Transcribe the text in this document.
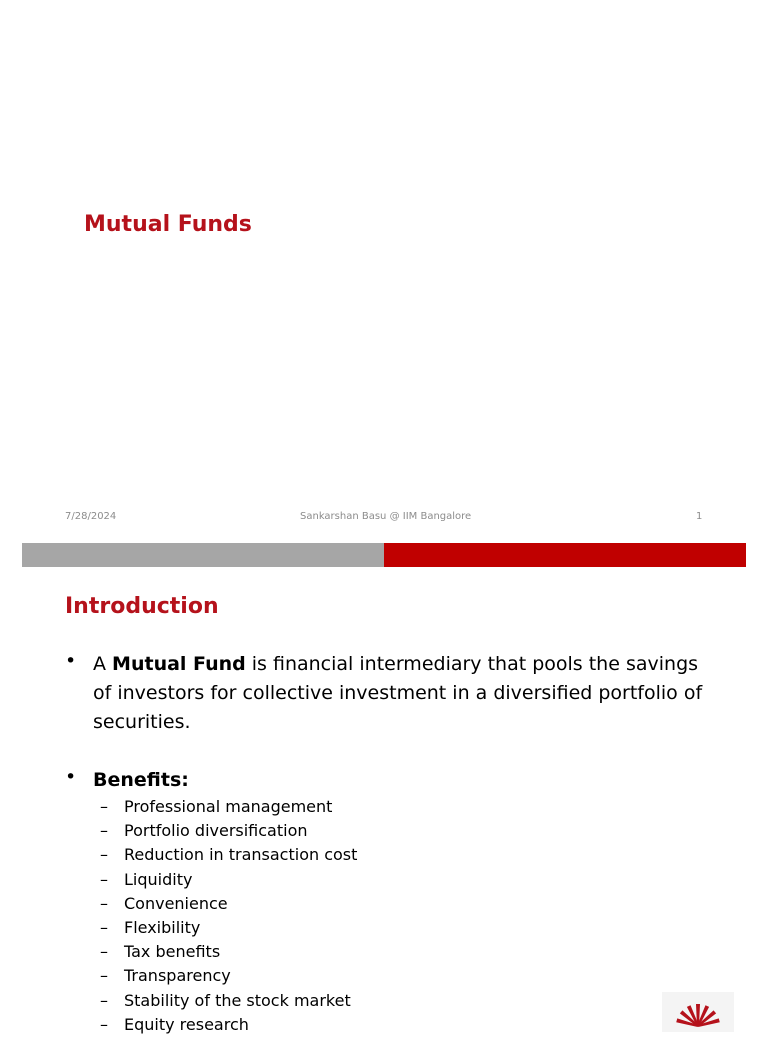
Mutual Funds
7/28/2024	Sankarshan Basu @ IIM Bangalore	1
Introduction
• A Mutual Fund is financial intermediary that pools the savings of investors for collective investment in a diversified portfolio of securities.
• Benefits:
– Professional management
– Portfolio diversification
– Reduction in transaction cost
– Liquidity
– Convenience
– Flexibility
– Tax benefits
– Transparency
– Stability of the stock market
– Equity research
